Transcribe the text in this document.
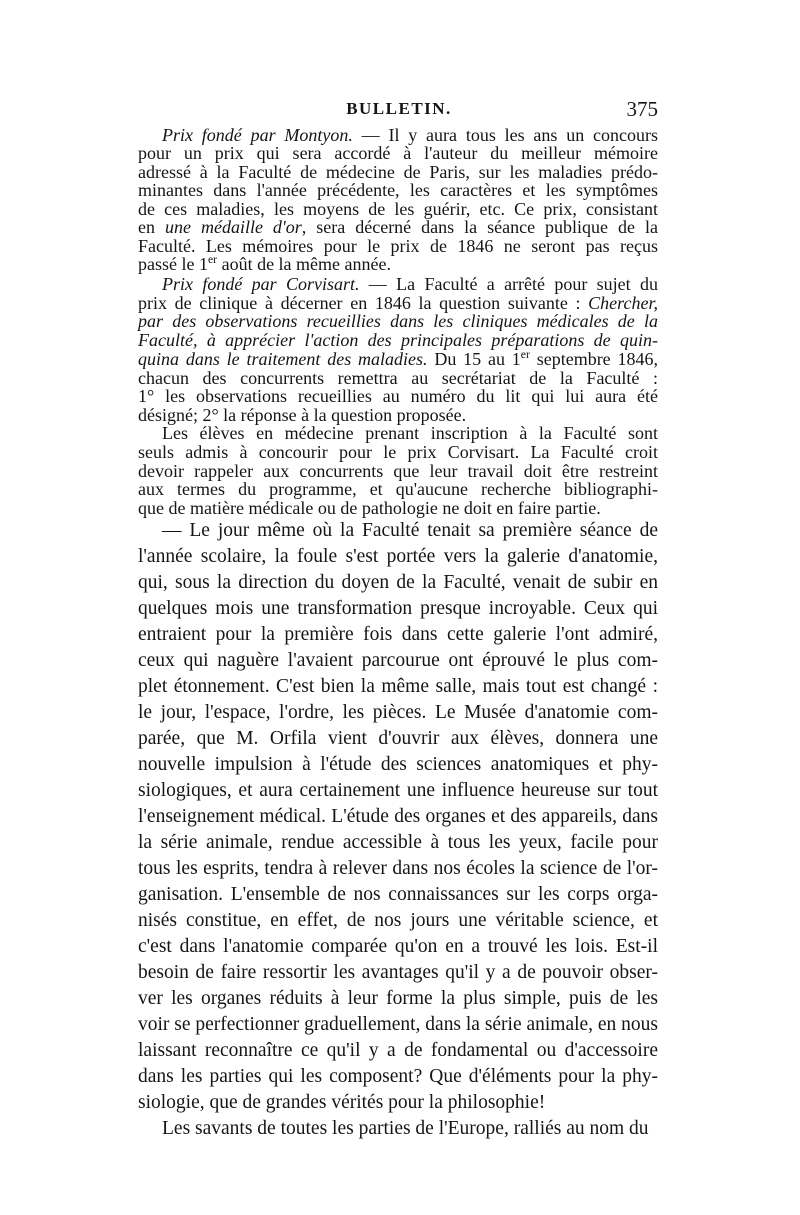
BULLETIN.	375
Prix fondé par Montyon. — Il y aura tous les ans un concours
pour un prix qui sera accordé à l'auteur du meilleur mémoire
adressé à la Faculté de médecine de Paris, sur les maladies prédo-
minantes dans l'année précédente, les caractères et les symptômes
de ces maladies, les moyens de les guérir, etc. Ce prix, consistant
en une médaille d'or, sera décerné dans la séance publique de la
Faculté. Les mémoires pour le prix de 1846 ne seront pas reçus
passé le 1er août de la même année.
Prix fondé par Corvisart. — La Faculté a arrêté pour sujet du
prix de clinique à décerner en 1846 la question suivante : Chercher,
par des observations recueillies dans les cliniques médicales de la
Faculté, à apprécier l'action des principales préparations de quin-
quina dans le traitement des maladies. Du 15 au 1er septembre 1846,
chacun des concurrents remettra au secrétariat de la Faculté :
1° les observations recueillies au numéro du lit qui lui aura été
désigné; 2° la réponse à la question proposée.
Les élèves en médecine prenant inscription à la Faculté sont
seuls admis à concourir pour le prix Corvisart. La Faculté croit
devoir rappeler aux concurrents que leur travail doit être restreint
aux termes du programme, et qu'aucune recherche bibliographi-
que de matière médicale ou de pathologie ne doit en faire partie.
— Le jour même où la Faculté tenait sa première séance de
l'année scolaire, la foule s'est portée vers la galerie d'anatomie,
qui, sous la direction du doyen de la Faculté, venait de subir en
quelques mois une transformation presque incroyable. Ceux qui
entraient pour la première fois dans cette galerie l'ont admiré,
ceux qui naguère l'avaient parcourue ont éprouvé le plus com-
plet étonnement. C'est bien la même salle, mais tout est changé :
le jour, l'espace, l'ordre, les pièces. Le Musée d'anatomie com-
parée, que M. Orfila vient d'ouvrir aux élèves, donnera une
nouvelle impulsion à l'étude des sciences anatomiques et phy-
siologiques, et aura certainement une influence heureuse sur tout
l'enseignement médical. L'étude des organes et des appareils, dans
la série animale, rendue accessible à tous les yeux, facile pour
tous les esprits, tendra à relever dans nos écoles la science de l'or-
ganisation. L'ensemble de nos connaissances sur les corps orga-
nisés constitue, en effet, de nos jours une véritable science, et
c'est dans l'anatomie comparée qu'on en a trouvé les lois. Est-il
besoin de faire ressortir les avantages qu'il y a de pouvoir obser-
ver les organes réduits à leur forme la plus simple, puis de les
voir se perfectionner graduellement, dans la série animale, en nous
laissant reconnaître ce qu'il y a de fondamental ou d'accessoire
dans les parties qui les composent? Que d'éléments pour la phy-
siologie, que de grandes vérités pour la philosophie!
Les savants de toutes les parties de l'Europe, ralliés au nom du
